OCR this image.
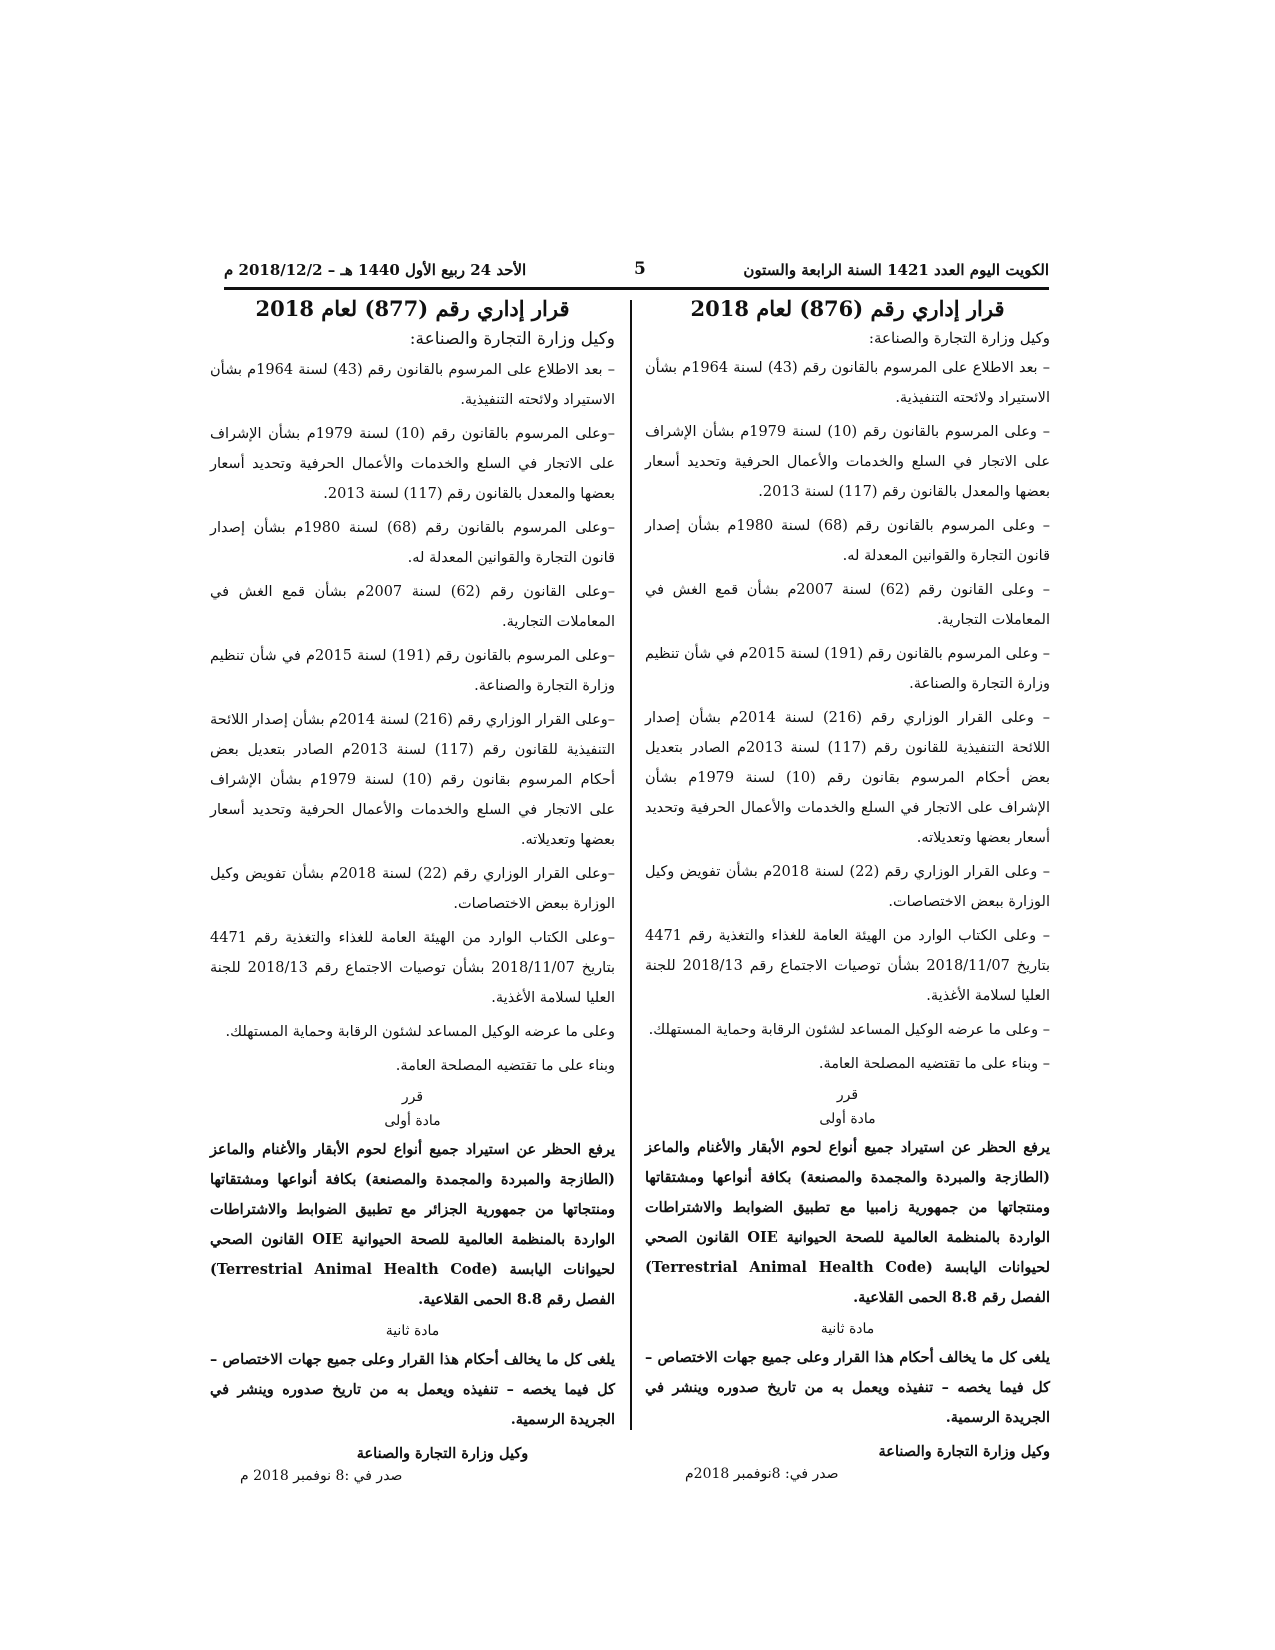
الكويت اليوم العدد 1421 السنة الرابعة والستون
5
الأحد 24 ربيع الأول 1440 هـ – 2018/12/2 م
قرار إداري رقم (876) لعام 2018
وكيل وزارة التجارة والصناعة:
– بعد الاطلاع على المرسوم بالقانون رقم (43) لسنة 1964م بشأن الاستيراد ولائحته التنفيذية.
– وعلى المرسوم بالقانون رقم (10) لسنة 1979م بشأن الإشراف على الاتجار في السلع والخدمات والأعمال الحرفية وتحديد أسعار بعضها والمعدل بالقانون رقم (117) لسنة 2013.
– وعلى المرسوم بالقانون رقم (68) لسنة 1980م بشأن إصدار قانون التجارة والقوانين المعدلة له.
– وعلى القانون رقم (62) لسنة 2007م بشأن قمع الغش في المعاملات التجارية.
– وعلى المرسوم بالقانون رقم (191) لسنة 2015م في شأن تنظيم وزارة التجارة والصناعة.
– وعلى القرار الوزاري رقم (216) لسنة 2014م بشأن إصدار اللائحة التنفيذية للقانون رقم (117) لسنة 2013م الصادر بتعديل بعض أحكام المرسوم بقانون رقم (10) لسنة 1979م بشأن الإشراف على الاتجار في السلع والخدمات والأعمال الحرفية وتحديد أسعار بعضها وتعديلاته.
– وعلى القرار الوزاري رقم (22) لسنة 2018م بشأن تفويض وكيل الوزارة ببعض الاختصاصات.
– وعلى الكتاب الوارد من الهيئة العامة للغذاء والتغذية رقم 4471 بتاريخ 2018/11/07 بشأن توصيات الاجتماع رقم 2018/13 للجنة العليا لسلامة الأغذية.
– وعلى ما عرضه الوكيل المساعد لشئون الرقابة وحماية المستهلك.
– وبناء على ما تقتضيه المصلحة العامة.
قرر
مادة أولى
يرفع الحظر عن استيراد جميع أنواع لحوم الأبقار والأغنام والماعز (الطازجة والمبردة والمجمدة والمصنعة) بكافة أنواعها ومشتقاتها ومنتجاتها من جمهورية زامبيا مع تطبيق الضوابط والاشتراطات الواردة بالمنظمة العالمية للصحة الحيوانية OIE القانون الصحي لحيوانات اليابسة (Terrestrial Animal Health Code) الفصل رقم 8.8 الحمى القلاعية.
مادة ثانية
يلغى كل ما يخالف أحكام هذا القرار وعلى جميع جهات الاختصاص –كل فيما يخصه – تنفيذه ويعمل به من تاريخ صدوره وينشر في الجريدة الرسمية.
وكيل وزارة التجارة والصناعة
صدر في: 8نوفمبر 2018م
قرار إداري رقم (877) لعام 2018
وكيل وزارة التجارة والصناعة:
– بعد الاطلاع على المرسوم بالقانون رقم (43) لسنة 1964م بشأن الاستيراد ولائحته التنفيذية.
–وعلى المرسوم بالقانون رقم (10) لسنة 1979م بشأن الإشراف على الاتجار في السلع والخدمات والأعمال الحرفية وتحديد أسعار بعضها والمعدل بالقانون رقم (117) لسنة 2013.
–وعلى المرسوم بالقانون رقم (68) لسنة 1980م بشأن إصدار قانون التجارة والقوانين المعدلة له.
–وعلى القانون رقم (62) لسنة 2007م بشأن قمع الغش في المعاملات التجارية.
–وعلى المرسوم بالقانون رقم (191) لسنة 2015م في شأن تنظيم وزارة التجارة والصناعة.
–وعلى القرار الوزاري رقم (216) لسنة 2014م بشأن إصدار اللائحة التنفيذية للقانون رقم (117) لسنة 2013م الصادر بتعديل بعض أحكام المرسوم بقانون رقم (10) لسنة 1979م بشأن الإشراف على الاتجار في السلع والخدمات والأعمال الحرفية وتحديد أسعار بعضها وتعديلاته.
–وعلى القرار الوزاري رقم (22) لسنة 2018م بشأن تفويض وكيل الوزارة ببعض الاختصاصات.
–وعلى الكتاب الوارد من الهيئة العامة للغذاء والتغذية رقم 4471 بتاريخ 2018/11/07 بشأن توصيات الاجتماع رقم 2018/13 للجنة العليا لسلامة الأغذية.
وعلى ما عرضه الوكيل المساعد لشئون الرقابة وحماية المستهلك.
وبناء على ما تقتضيه المصلحة العامة.
قرر
مادة أولى
يرفع الحظر عن استيراد جميع أنواع لحوم الأبقار والأغنام والماعز (الطازجة والمبردة والمجمدة والمصنعة) بكافة أنواعها ومشتقاتها ومنتجاتها من جمهورية الجزائر مع تطبيق الضوابط والاشتراطات الواردة بالمنظمة العالمية للصحة الحيوانية OIE القانون الصحي لحيوانات اليابسة (Terrestrial Animal Health Code) الفصل رقم 8.8 الحمى القلاعية.
مادة ثانية
يلغى كل ما يخالف أحكام هذا القرار وعلى جميع جهات الاختصاص –كل فيما يخصه – تنفيذه ويعمل به من تاريخ صدوره وينشر في الجريدة الرسمية.
وكيل وزارة التجارة والصناعة
صدر في :8 نوفمبر 2018 م
